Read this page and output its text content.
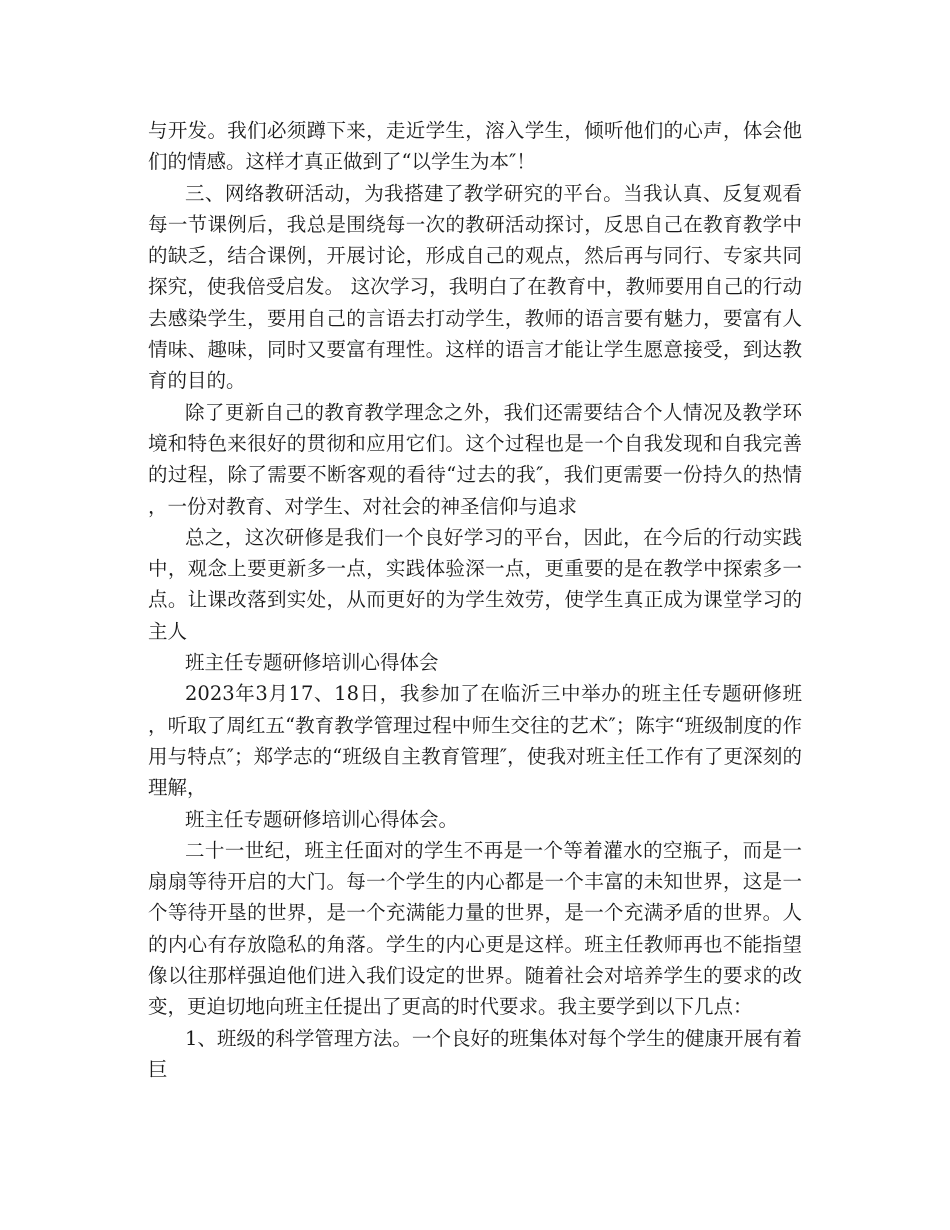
与开发。我们必须蹲下来，走近学生，溶入学生，倾听他们的心声，体会他们的情感。这样才真正做到了“以学生为本″！

三、网络教研活动，为我搭建了教学研究的平台。当我认真、反复观看每一节课例后，我总是围绕每一次的教研活动探讨，反思自己在教育教学中的缺乏，结合课例，开展讨论，形成自己的观点，然后再与同行、专家共同探究，使我倍受启发。 这次学习，我明白了在教育中，教师要用自己的行动去感染学生，要用自己的言语去打动学生，教师的语言要有魅力，要富有人情味、趣味，同时又要富有理性。这样的语言才能让学生愿意接受，到达教育的目的。

除了更新自己的教育教学理念之外，我们还需要结合个人情况及教学环境和特色来很好的贯彻和应用它们。这个过程也是一个自我发现和自我完善的过程，除了需要不断客观的看待“过去的我″，我们更需要一份持久的热情，一份对教育、对学生、对社会的神圣信仰与追求

总之，这次研修是我们一个良好学习的平台，因此，在今后的行动实践中，观念上要更新多一点，实践体验深一点，更重要的是在教学中探索多一点。让课改落到实处，从而更好的为学生效劳，使学生真正成为课堂学习的主人

班主任专题研修培训心得体会

2023年3月17、18日，我参加了在临沂三中举办的班主任专题研修班，听取了周红五“教育教学管理过程中师生交往的艺术″；陈宇“班级制度的作用与特点″；郑学志的“班级自主教育管理″，使我对班主任工作有了更深刻的理解，

班主任专题研修培训心得体会。

二十一世纪，班主任面对的学生不再是一个等着灌水的空瓶子，而是一扇扇等待开启的大门。每一个学生的内心都是一个丰富的未知世界，这是一个等待开垦的世界，是一个充满能力量的世界，是一个充满矛盾的世界。人的内心有存放隐私的角落。学生的内心更是这样。班主任教师再也不能指望像以往那样强迫他们进入我们设定的世界。随着社会对培养学生的要求的改变，更迫切地向班主任提出了更高的时代要求。我主要学到以下几点：

1、班级的科学管理方法。一个良好的班集体对每个学生的健康开展有着巨
